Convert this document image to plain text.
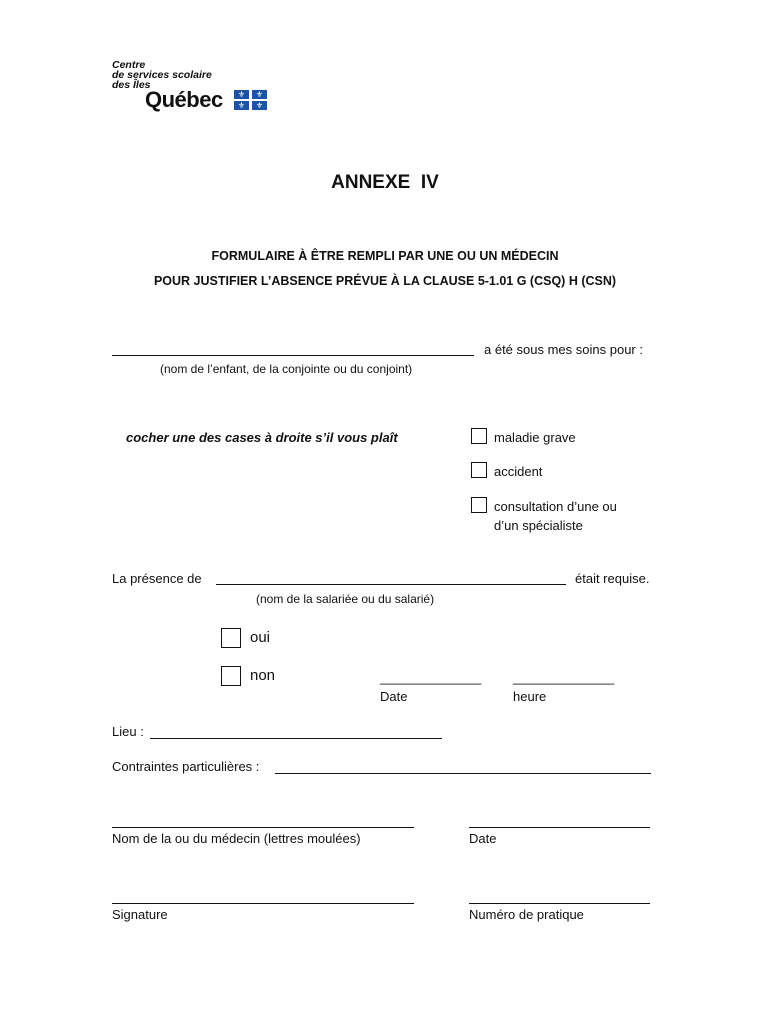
Centre
de services scolaire
des Îles
Québec	⚜	⚜
⚜	⚜
ANNEXE  IV
FORMULAIRE À ÊTRE REMPLI PAR UNE OU UN MÉDECIN
POUR JUSTIFIER L’ABSENCE PRÉVUE À LA CLAUSE 5-1.01 G (CSQ) H (CSN)
a été sous mes soins pour :
(nom de l’enfant, de la conjointe ou du conjoint)
cocher une des cases à droite s’il vous plaît	maladie grave
accident
consultation d’une ou
d’un spécialiste
La présence de	était requise.
(nom de la salariée ou du salarié)
oui
non	______________ ______________
Date	heure
Lieu :
Contraintes particulières :
Nom de la ou du médecin (lettres moulées)	Date
Signature	Numéro de pratique
